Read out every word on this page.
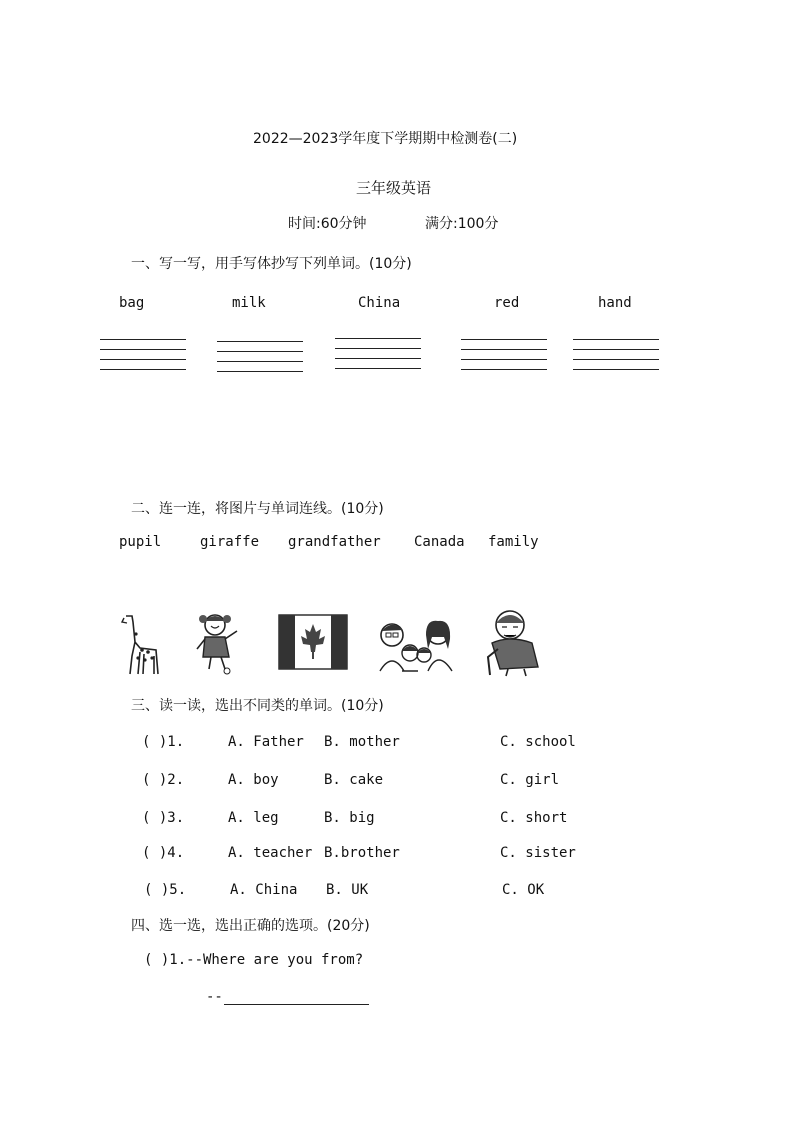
2022—2023学年度下学期期中检测卷(二)
三年级英语
时间:60分钟	满分:100分
一、写一写，用手写体抄写下列单词。(10分)
bag	milk	China	red	hand
二、连一连，将图片与单词连线。(10分)
pupil	giraffe grandfather Canada family
三、读一读，选出不同类的单词。(10分)
( )1.	A. Father B. mother	C. school
( )2.	A. boy	B. cake	C. girl
( )3.	A. leg	B. big	C. short
( )4.	A. teacher B.brother	C. sister
( )5.	A. China B. UK	C. OK
四、选一选，选出正确的选项。(20分)
( )1.--Where are you from?
--
